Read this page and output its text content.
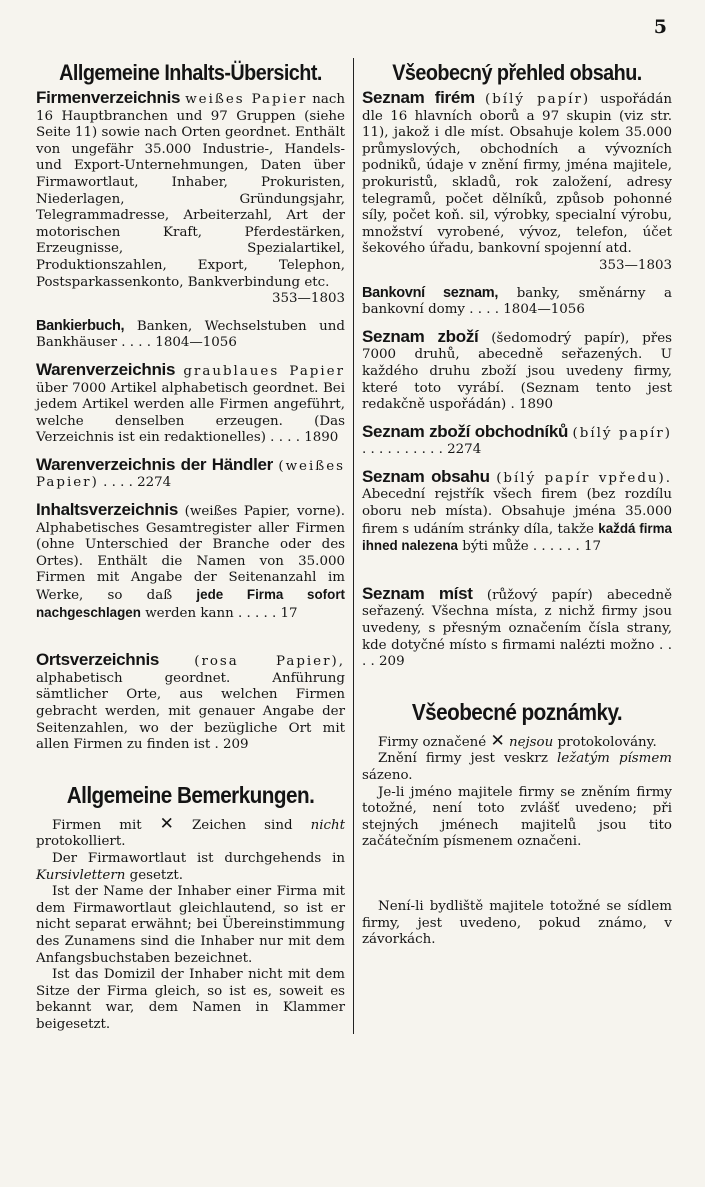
5
Allgemeine Inhalts-Übersicht.

Firmenverzeichnis weißes Papier nach 16 Hauptbranchen und 97 Gruppen (siehe Seite 11) sowie nach Orten geordnet. Enthält von ungefähr 35.000 Industrie-, Handels- und Export-Unternehmungen, Daten über Firmawortlaut, Inhaber, Prokuristen, Niederlagen, Gründungsjahr, Telegrammadresse, Arbeiterzahl, Art der motorischen Kraft, Pferdestärken, Erzeugnisse, Spezialartikel, Produktionszahlen, Export, Telephon, Postsparkassenkonto, Bankverbindung etc.
353—1803

Bankierbuch, Banken, Wechselstuben und Bankhäuser . . . . 1804—1056

Warenverzeichnis graublaues Papier über 7000 Artikel alphabetisch geordnet. Bei jedem Artikel werden alle Firmen angeführt, welche denselben erzeugen. (Das Verzeichnis ist ein redaktionelles) . . . . 1890

Warenverzeichnis der Händler (weißes Papier) . . . . 2274

Inhaltsverzeichnis (weißes Papier, vorne). Alphabetisches Gesamtregister aller Firmen (ohne Unterschied der Branche oder des Ortes). Enthält die Namen von 35.000 Firmen mit Angabe der Seitenanzahl im Werke, so daß jede Firma sofort nachgeschlagen werden kann . . . . . 17

Ortsverzeichnis	(rosa Papier), alphabetisch geordnet. Anführung sämtlicher Orte, aus welchen Firmen gebracht werden, mit genauer Angabe der Seitenzahlen, wo der bezügliche Ort mit allen Firmen zu finden ist . 209

Allgemeine Bemerkungen.

Firmen mit ✕ Zeichen sind nicht protokolliert.

Der Firmawortlaut ist durchgehends in Kursivlettern gesetzt.

Ist der Name der Inhaber einer Firma mit dem Firmawortlaut gleichlautend, so ist er nicht separat erwähnt; bei Übereinstimmung des Zunamens sind die Inhaber nur mit dem Anfangsbuchstaben bezeichnet.

Ist das Domizil der Inhaber nicht mit dem Sitze der Firma gleich, so ist es, soweit es bekannt war, dem Namen in Klammer beigesetzt.

Všeobecný přehled obsahu.

Seznam firém (bílý papír) uspořádán dle 16 hlavních oborů a 97 skupin (viz str. 11), jakož i dle míst. Obsahuje kolem 35.000 průmyslových, obchodních a vývozních podniků, údaje v znění firmy, jména majitele, prokuristů, skladů, rok založení, adresy telegramů, počet dělníků, způsob pohonné síly, počet koň. sil, výrobky, specialní výrobu, množství vyrobené, vývoz, telefon, účet šekového úřadu, bankovní spojenní atd.
353—1803

Bankovní seznam, banky, směnárny a bankovní domy . . . . 1804—1056

Seznam zboží (šedomodrý papír), přes 7000 druhů, abecedně seřazených. U každého druhu zboží jsou uvedeny firmy, které toto vyrábí. (Seznam tento jest redakčně uspořádán) . 1890

Seznam zboží obchodníků (bílý papír) . . . . . . . . . . 2274

Seznam obsahu (bílý papír vpředu). Abecední rejstřík všech firem (bez rozdílu oboru neb místa). Obsahuje jména 35.000 firem s udáním stránky díla, takže každá firma ihned nalezena býti může . . . . . . 17

Seznam míst (růžový papír) abecedně seřazený. Všechna místa, z nichž firmy jsou uvedeny, s přesným označením čísla strany, kde dotyčné místo s firmami nalézti možno . . . . 209

Všeobecné poznámky.

Firmy označené ✕ nejsou protokolovány.

Znění firmy jest veskrz ležatým písmem sázeno.

Je-li jméno majitele firmy se zněním firmy totožné, není toto zvlášť uvedeno; při stejných jménech majitelů jsou tito začátečním písmenem označeni.

Není-li bydliště majitele totožné se sídlem firmy, jest uvedeno, pokud známo, v závorkách.
